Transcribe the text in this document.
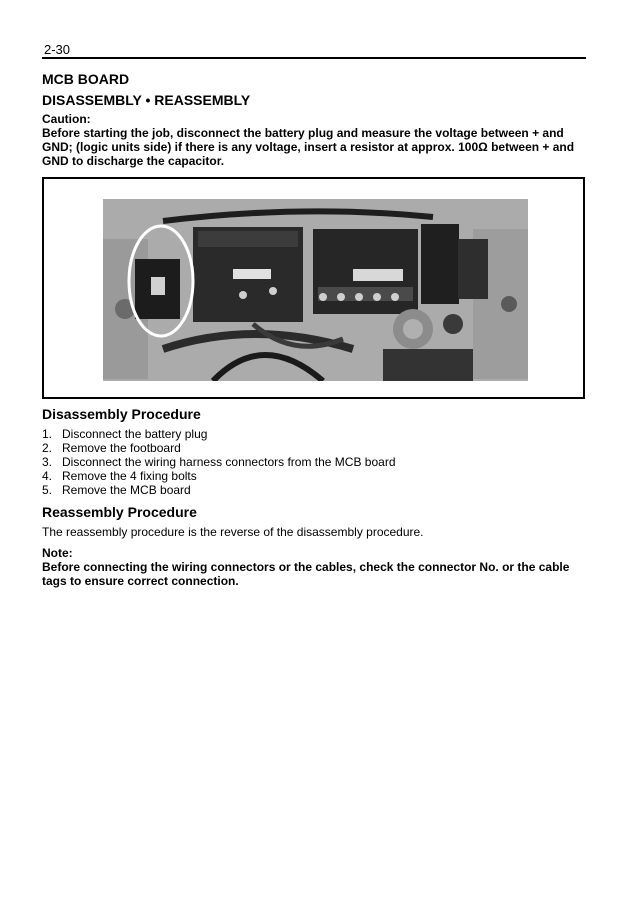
2-30
MCB BOARD
DISASSEMBLY • REASSEMBLY
Caution:
Before starting the job, disconnect the battery plug and measure the voltage between + and GND; (logic units side) if there is any voltage, insert a resistor at approx. 100Ω between + and GND to discharge the capacitor.
Disassembly Procedure
1. Disconnect the battery plug
2. Remove the footboard
3. Disconnect the wiring harness connectors from the MCB board
4. Remove the 4 fixing bolts
5. Remove the MCB board
Reassembly Procedure
The reassembly procedure is the reverse of the disassembly procedure.
Note:
Before connecting the wiring connectors or the cables, check the connector No. or the cable tags to ensure correct connection.
